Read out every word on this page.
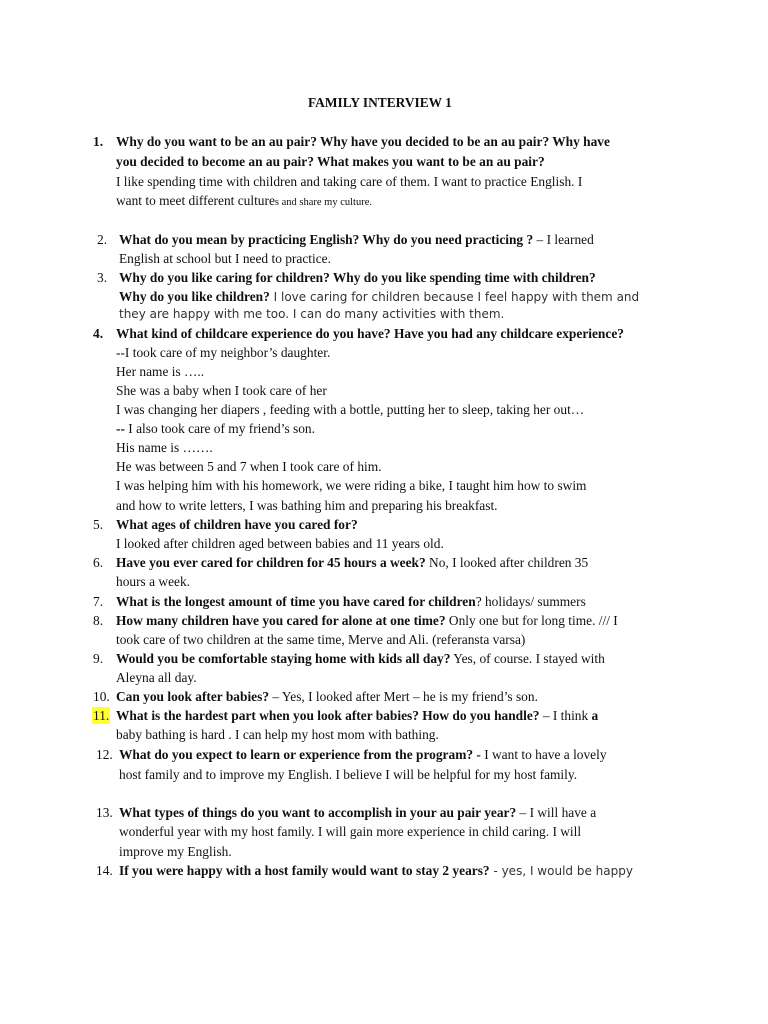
FAMILY INTERVIEW 1
1. Why do you want to be an au pair? Why have you decided to be an au pair? Why have
you decided to become an au pair? What makes you want to be an au pair?
I like spending time with children and taking care of them. I want to practice English. I
want to meet different cultures and share my culture.
2. What do you mean by practicing English? Why do you need practicing ? – I learned
English at school but I need to practice.
3. Why do you like caring for children? Why do you like spending time with children?
Why do you like children? I love caring for children because I feel happy with them and
they are happy with me too. I can do many activities with them.
4. What kind of childcare experience do you have? Have you had any childcare experience?
--I took care of my neighbor’s daughter.
Her name is …..
She was a baby when I took care of her
I was changing her diapers , feeding with a bottle, putting her to sleep, taking her out…
-- I also took care of my friend’s son.
His name is …….
He was between 5 and 7 when I took care of him.
I was helping him with his homework, we were riding a bike, I taught him how to swim
and how to write letters, I was bathing him and preparing his breakfast.
5. What ages of children have you cared for?
I looked after children aged between babies and 11 years old.
6. Have you ever cared for children for 45 hours a week? No, I looked after children 35
hours a week.
7. What is the longest amount of time you have cared for children? holidays/ summers
8. How many children have you cared for alone at one time? Only one but for long time. /// I
took care of two children at the same time, Merve and Ali. (referansta varsa)
9. Would you be comfortable staying home with kids all day? Yes, of course. I stayed with
Aleyna all day.
10. Can you look after babies? – Yes, I looked after Mert – he is my friend’s son.
11. What is the hardest part when you look after babies? How do you handle? – I think a
baby bathing is hard . I can help my host mom with bathing.
12. What do you expect to learn or experience from the program? - I want to have a lovely
host family and to improve my English. I believe I will be helpful for my host family.
13. What types of things do you want to accomplish in your au pair year? – I will have a
wonderful year with my host family. I will gain more experience in child caring. I will
improve my English.
14. If you were happy with a host family would want to stay 2 years? - yes, I would be happy
